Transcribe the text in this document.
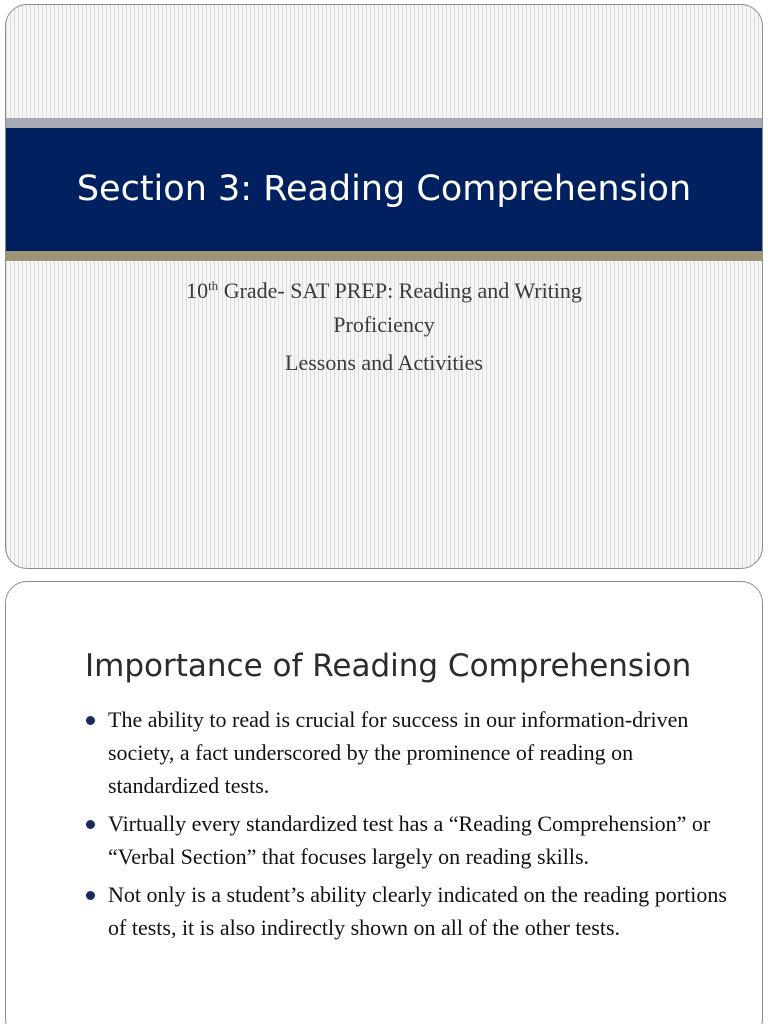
Section 3: Reading Comprehension

10th Grade- SAT PREP: Reading and Writing

Proficiency

Lessons and Activities

Importance of Reading Comprehension
The ability to read is crucial for success in our information-driven society, a fact underscored by the prominence of reading on standardized tests.
Virtually every standardized test has a “Reading Comprehension” or “Verbal Section” that focuses largely on reading skills.
Not only is a student’s ability clearly indicated on the reading portions of tests, it is also indirectly shown on all of the other tests.
